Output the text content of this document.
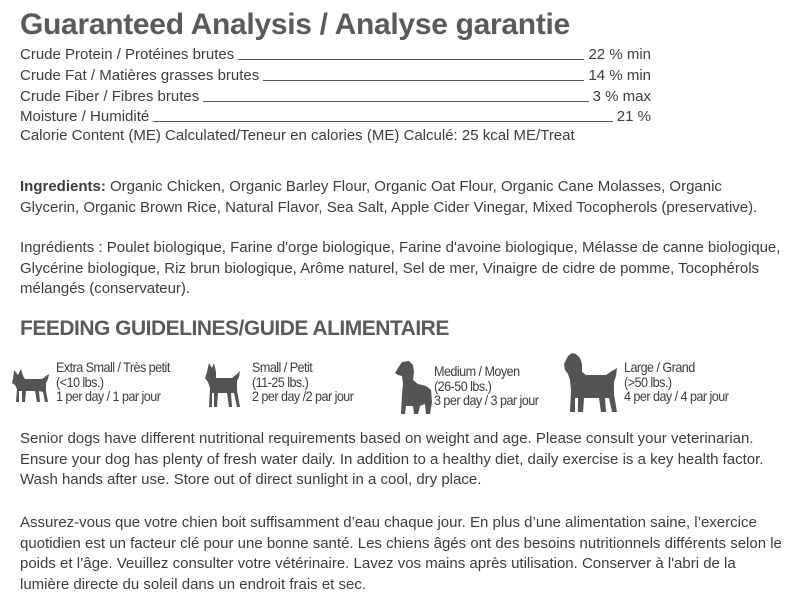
Guaranteed Analysis / Analyse garantie
Crude Protein / Protéines brutes	22 % min
Crude Fat / Matières grasses brutes	14 % min
Crude Fiber / Fibres brutes	3 % max
Moisture / Humidité	21 %
Calorie Content (ME) Calculated/Teneur en calories (ME) Calculé: 25 kcal ME/Treat

Ingredients: Organic Chicken, Organic Barley Flour, Organic Oat Flour, Organic Cane Molasses, Organic Glycerin, Organic Brown Rice, Natural Flavor, Sea Salt, Apple Cider Vinegar, Mixed Tocopherols (preservative).

Ingrédients : Poulet biologique, Farine d'orge biologique, Farine d'avoine biologique, Mélasse de canne biologique, Glycérine biologique, Riz brun biologique, Arôme naturel, Sel de mer, Vinaigre de cidre de pomme, Tocophérols mélangés (conservateur).

FEEDING GUIDELINES/GUIDE ALIMENTAIRE
Extra Small / Très petit
(<10 lbs.)
1 per day / 1 par jour
Small / Petit
(11-25 lbs.)
2 per day /2 par jour
Medium / Moyen
(26-50 lbs.)
3 per day / 3 par jour
Large / Grand
(>50 lbs.)
4 per day / 4 par jour

Senior dogs have different nutritional requirements based on weight and age. Please consult your veterinarian. Ensure your dog has plenty of fresh water daily. In addition to a healthy diet, daily exercise is a key health factor. Wash hands after use. Store out of direct sunlight in a cool, dry place.

Assurez-vous que votre chien boit suffisamment d’eau chaque jour. En plus d’une alimentation saine, l’exercice quotidien est un facteur clé pour une bonne santé. Les chiens âgés ont des besoins nutritionnels différents selon le poids et l’âge. Veuillez consulter votre vétérinaire. Lavez vos mains après utilisation. Conserver à l'abri de la lumière directe du soleil dans un endroit frais et sec.
